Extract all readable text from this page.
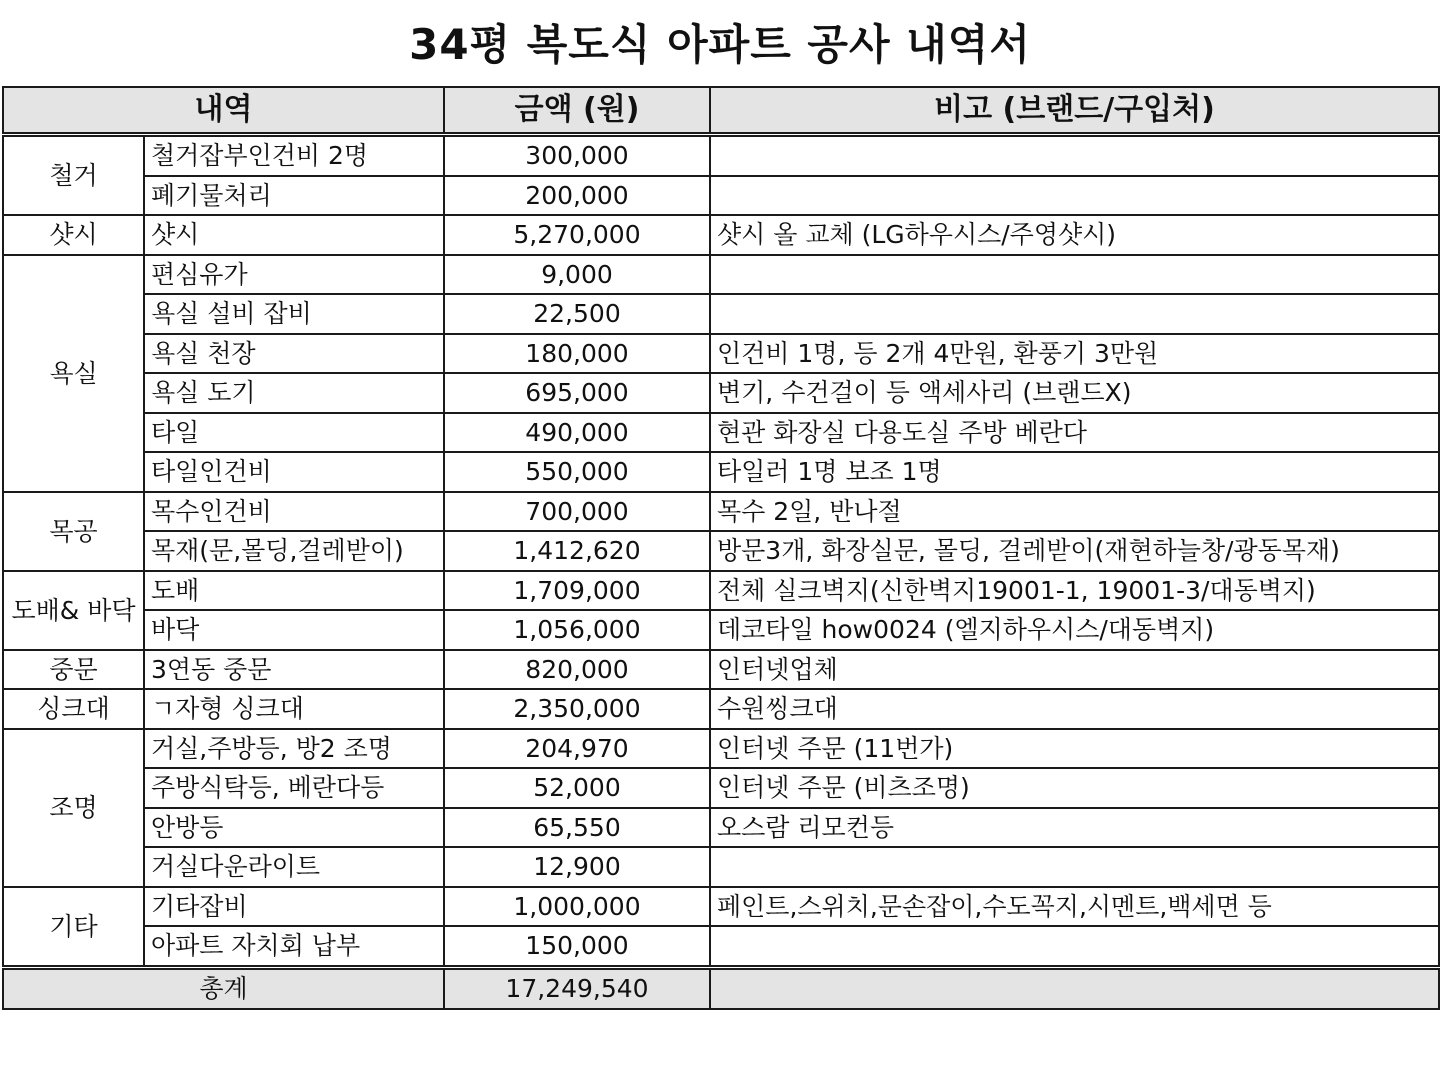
34평 복도식 아파트 공사 내역서
내역		금액 (원)	비고 (브랜드/구입처)
철거	철거잡부인건비 2명	300,000	
	폐기물처리	200,000	
샷시	샷시	5,270,000	샷시 올 교체 (LG하우시스/주영샷시)
욕실	편심유가	9,000	
	욕실 설비 잡비	22,500	
	욕실 천장	180,000	인건비 1명, 등 2개 4만원, 환풍기 3만원
	욕실 도기	695,000	변기, 수건걸이 등 액세사리 (브랜드X)
	타일	490,000	현관 화장실 다용도실 주방 베란다
	타일인건비	550,000	타일러 1명 보조 1명
목공	목수인건비	700,000	목수 2일, 반나절
	목재(문,몰딩,걸레받이)	1,412,620	방문3개, 화장실문, 몰딩, 걸레받이(재현하늘창/광동목재)
도배& 바닥	도배	1,709,000	전체 실크벽지(신한벽지19001-1, 19001-3/대동벽지)
	바닥	1,056,000	데코타일 how0024 (엘지하우시스/대동벽지)
중문	3연동 중문	820,000	인터넷업체
싱크대	ㄱ자형 싱크대	2,350,000	수원씽크대
조명	거실,주방등, 방2 조명	204,970	인터넷 주문 (11번가)
	주방식탁등, 베란다등	52,000	인터넷 주문 (비츠조명)
	안방등	65,550	오스람 리모컨등
	거실다운라이트	12,900	
기타	기타잡비	1,000,000	페인트,스위치,문손잡이,수도꼭지,시멘트,백세면 등
	아파트 자치회 납부	150,000	
총계		17,249,540	
